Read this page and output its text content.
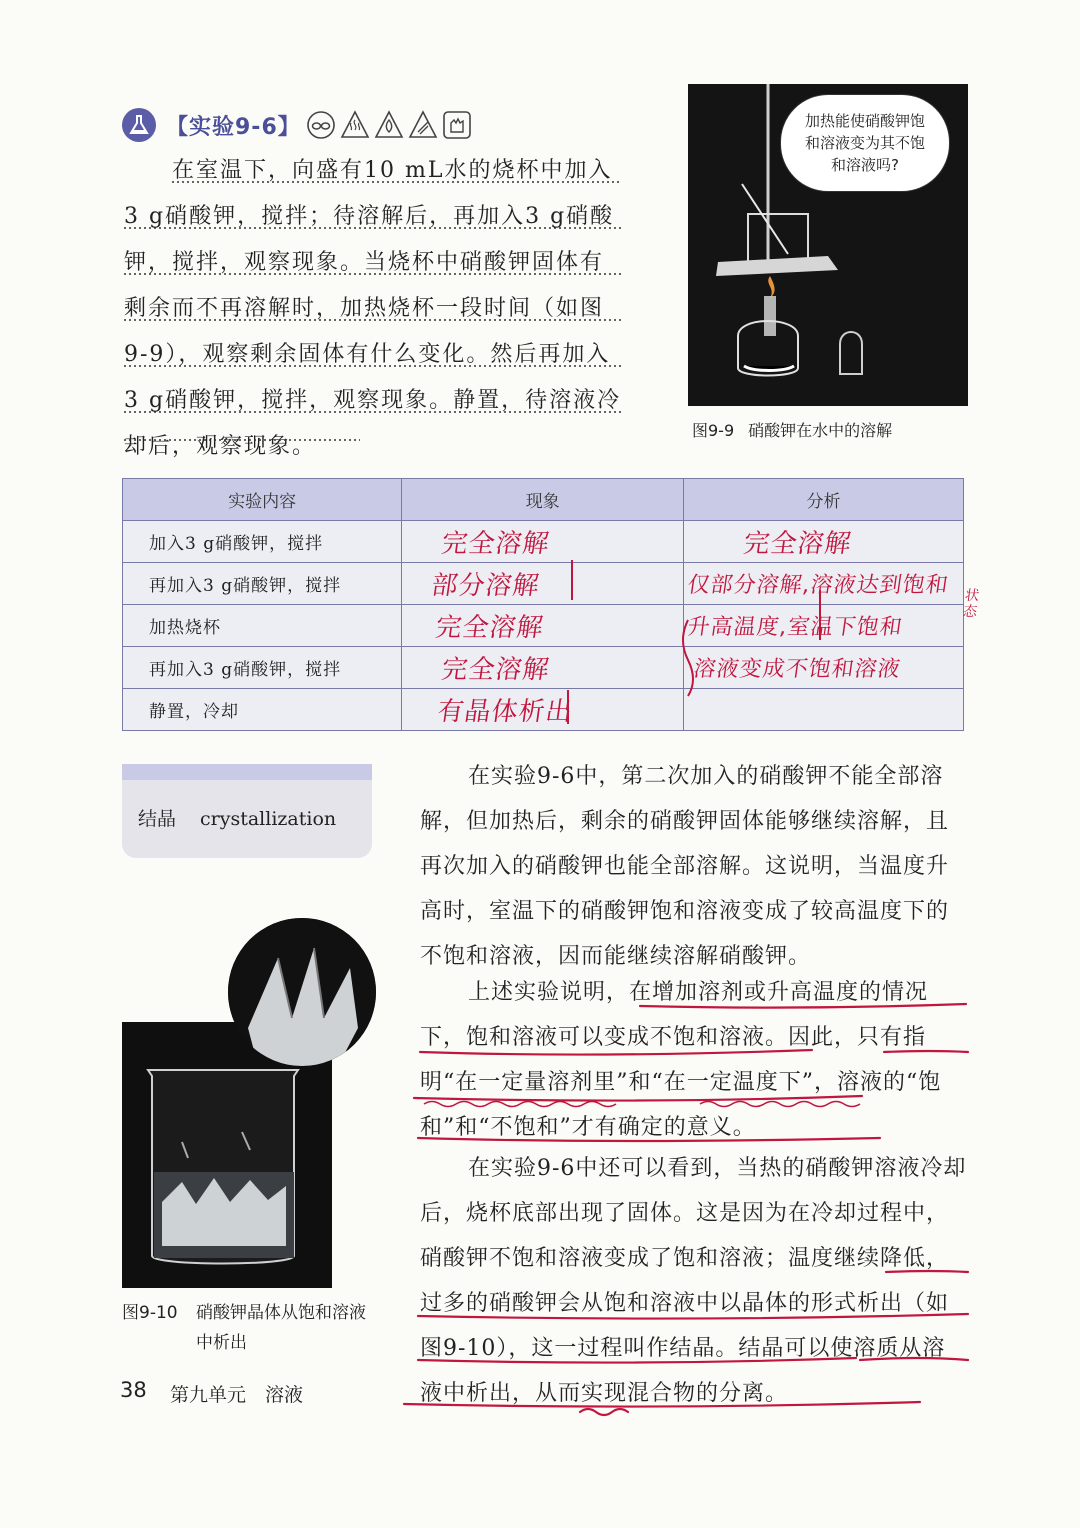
【实验9-6】

在室温下，向盛有10 mL水的烧杯中加入3 g硝酸钾，搅拌；待溶解后，再加入3 g硝酸钾，搅拌，观察现象。当烧杯中硝酸钾固体有剩余而不再溶解时，加热烧杯一段时间（如图9-9），观察剩余固体有什么变化。然后再加入3 g硝酸钾，搅拌，观察现象。静置，待溶液冷却后，观察现象。

加热能使硝酸钾饱和溶液变为其不饱和溶液吗?
图9-9 硝酸钾在水中的溶解
实验内容	现象	分析
加入3 g硝酸钾，搅拌	完全溶解	完全溶解
再加入3 g硝酸钾，搅拌	部分溶解	仅部分溶解,溶液达到饱和
加热烧杯	完全溶解	升高温度,室温下饱和
再加入3 g硝酸钾，搅拌	完全溶解	溶液变成不饱和溶液
静置，冷却	有晶体析出	
状态
结晶 crystallization

在实验9-6中，第二次加入的硝酸钾不能全部溶解，但加热后，剩余的硝酸钾固体能够继续溶解，且再次加入的硝酸钾也能全部溶解。这说明，当温度升高时，室温下的硝酸钾饱和溶液变成了较高温度下的不饱和溶液，因而能继续溶解硝酸钾。

上述实验说明，在增加溶剂或升高温度的情况下，饱和溶液可以变成不饱和溶液。因此，只有指明“在一定量溶剂里”和“在一定温度下”，溶液的“饱和”和“不饱和”才有确定的意义。

在实验9-6中还可以看到，当热的硝酸钾溶液冷却后，烧杯底部出现了固体。这是因为在冷却过程中，硝酸钾不饱和溶液变成了饱和溶液；温度继续降低，过多的硝酸钾会从饱和溶液中以晶体的形式析出（如图9-10），这一过程叫作结晶。结晶可以使溶质从溶液中析出，从而实现混合物的分离。

图9-10 硝酸钾晶体从饱和溶液
中析出
38 第九单元　溶液
